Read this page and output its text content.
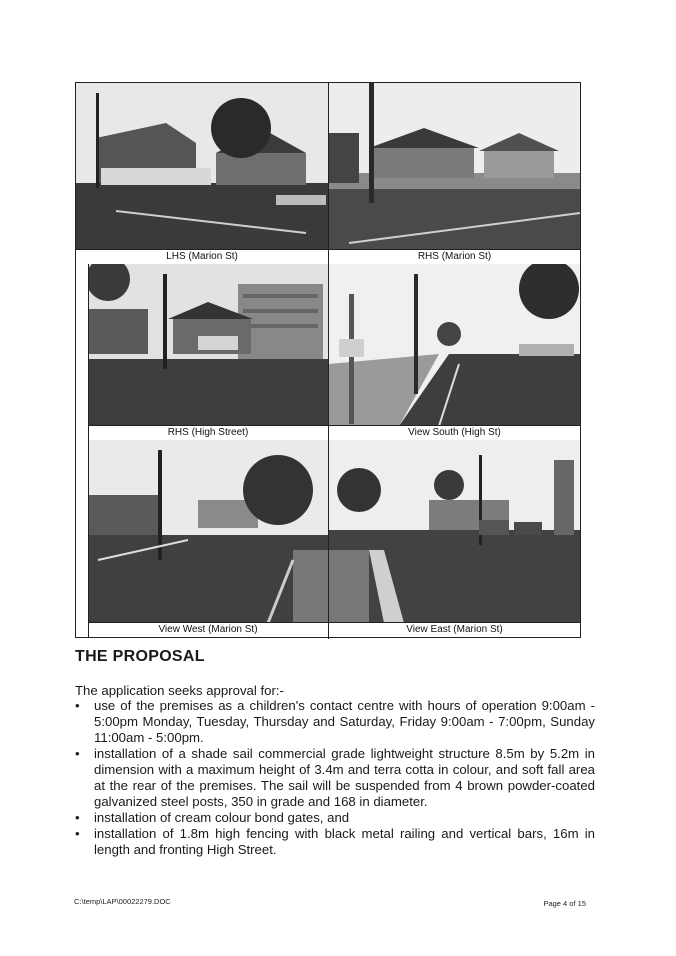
LHS (Marion St)	RHS (Marion St)
RHS (High Street)	View South (High St)
View West (Marion St)	View East (Marion St)
THE PROPOSAL
The application seeks approval for:-
• use of the premises as a children's contact centre with hours of operation 9:00am - 5:00pm Monday, Tuesday, Thursday and Saturday, Friday 9:00am - 7:00pm, Sunday 11:00am - 5:00pm.
• installation of a shade sail commercial grade lightweight structure 8.5m by 5.2m in dimension with a maximum height of 3.4m and terra cotta in colour, and soft fall area at the rear of the premises. The sail will be suspended from 4 brown powder-coated galvanized steel posts, 350 in grade and 168 in diameter.
• installation of cream colour bond gates, and
• installation of 1.8m high fencing with black metal railing and vertical bars, 16m in length and fronting High Street.
C:\temp\LAP\00022279.DOC	Page 4 of 15
